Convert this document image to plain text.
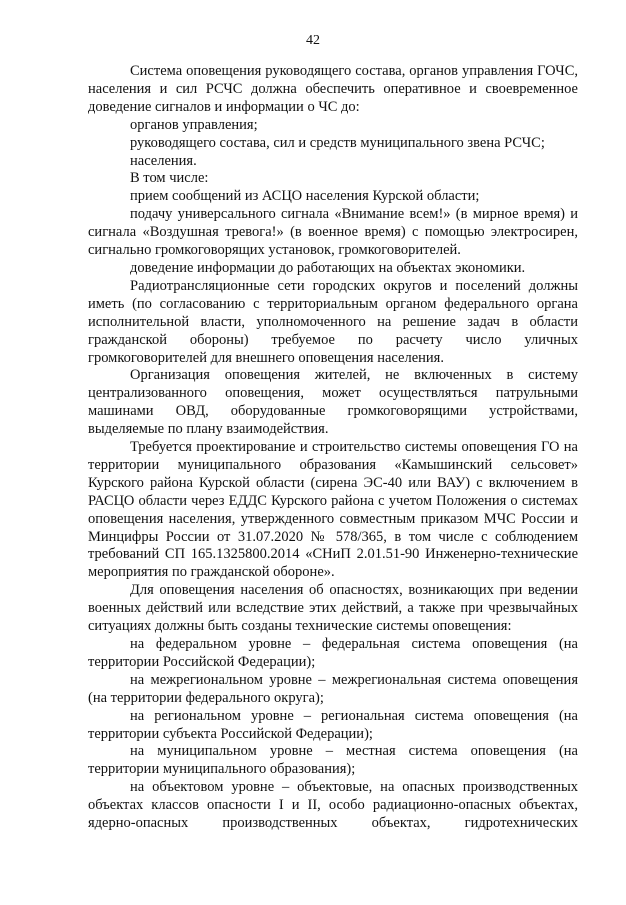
42

Система оповещения руководящего состава, органов управления ГОЧС, населения и сил РСЧС должна обеспечить оперативное и своевременное доведение сигналов и информации о ЧС до:

органов управления;

руководящего состава, сил и средств муниципального звена РСЧС;

населения.

В том числе:

прием сообщений из АСЦО населения Курской области;

подачу универсального сигнала «Внимание всем!» (в мирное время) и сигнала «Воздушная тревога!» (в военное время) с помощью электросирен, сигнально громкоговорящих установок, громкоговорителей.

доведение информации до работающих на объектах экономики.

Радиотрансляционные сети городских округов и поселений должны иметь (по согласованию с территориальным органом федерального органа исполнительной власти, уполномоченного на решение задач в области гражданской обороны) требуемое по расчету число уличных громкоговорителей для внешнего оповещения населения.

Организация оповещения жителей, не включенных в систему централизованного оповещения, может осуществляться патрульными машинами ОВД, оборудованные громкоговорящими устройствами, выделяемые по плану взаимодействия.

Требуется проектирование и строительство системы оповещения ГО на территории муниципального образования «Камышинский сельсовет» Курского района Курской области (сирена ЭС-40 или ВАУ) с включением в РАСЦО области через ЕДДС Курского района с учетом Положения о системах оповещения населения, утвержденного совместным приказом МЧС России и Минцифры России от 31.07.2020 № 578/365, в том числе с соблюдением требований СП 165.1325800.2014 «СНиП 2.01.51-90 Инженерно-технические мероприятия по гражданской обороне».

Для оповещения населения об опасностях, возникающих при ведении военных действий или вследствие этих действий, а также при чрезвычайных ситуациях должны быть созданы технические системы оповещения:

на федеральном уровне – федеральная система оповещения (на территории Российской Федерации);

на межрегиональном уровне – межрегиональная система оповещения (на территории федерального округа);

на региональном уровне – региональная система оповещения (на территории субъекта Российской Федерации);

на муниципальном уровне – местная система оповещения (на территории муниципального образования);

на объектовом уровне – объектовые, на опасных производственных объектах классов опасности I и II, особо радиационно-опасных объектах, ядерно-опасных производственных объектах, гидротехнических
